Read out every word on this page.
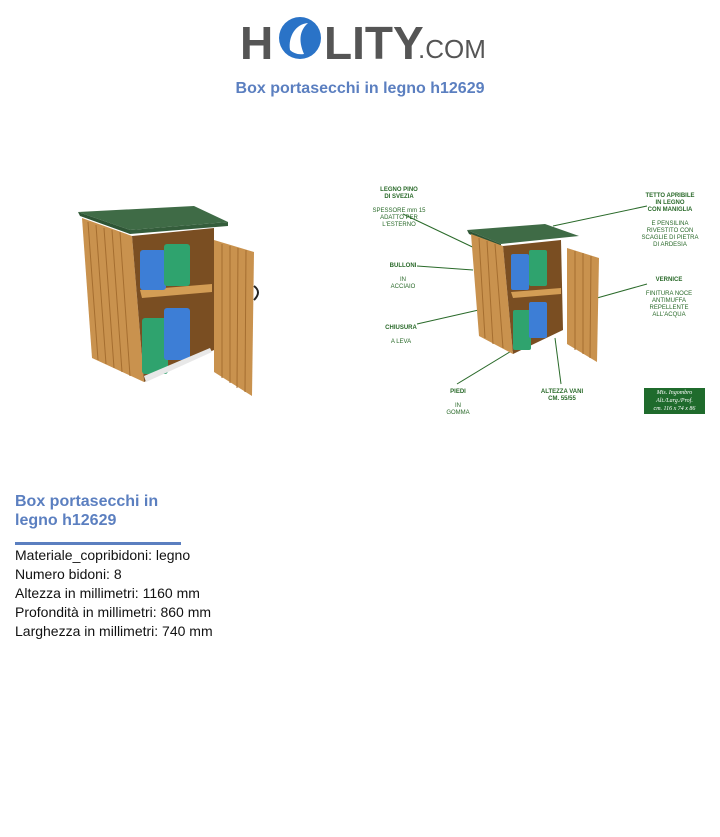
H LITY
.COM
Box portasecchi in legno h12629

LEGNO PINO
DI SVEZIA

SPESSORE mm 15
ADATTO PER
L'ESTERNO

BULLONI

IN
ACCIAIO

CHIUSURA

A LEVA

PIEDI

IN
GOMMA

ALTEZZA VANI
CM. 55/55

TETTO APRIBILE
IN LEGNO
CON MANIGLIA

E PENSILINA
RIVESTITO CON
SCAGLIE DI PIETRA
DI ARDESIA

VERNICE

FINITURA NOCE
ANTIMUFFA
REPELLENTE
ALL'ACQUA

Mis. Ingombro
Alt./Larg./Prof.
cm. 116 x 74 x 86
Box portasecchi in legno h12629
Materiale_copribidoni: legno
Numero bidoni: 8
Altezza in millimetri: 1160 mm
Profondità in millimetri: 860 mm
Larghezza in millimetri: 740 mm
